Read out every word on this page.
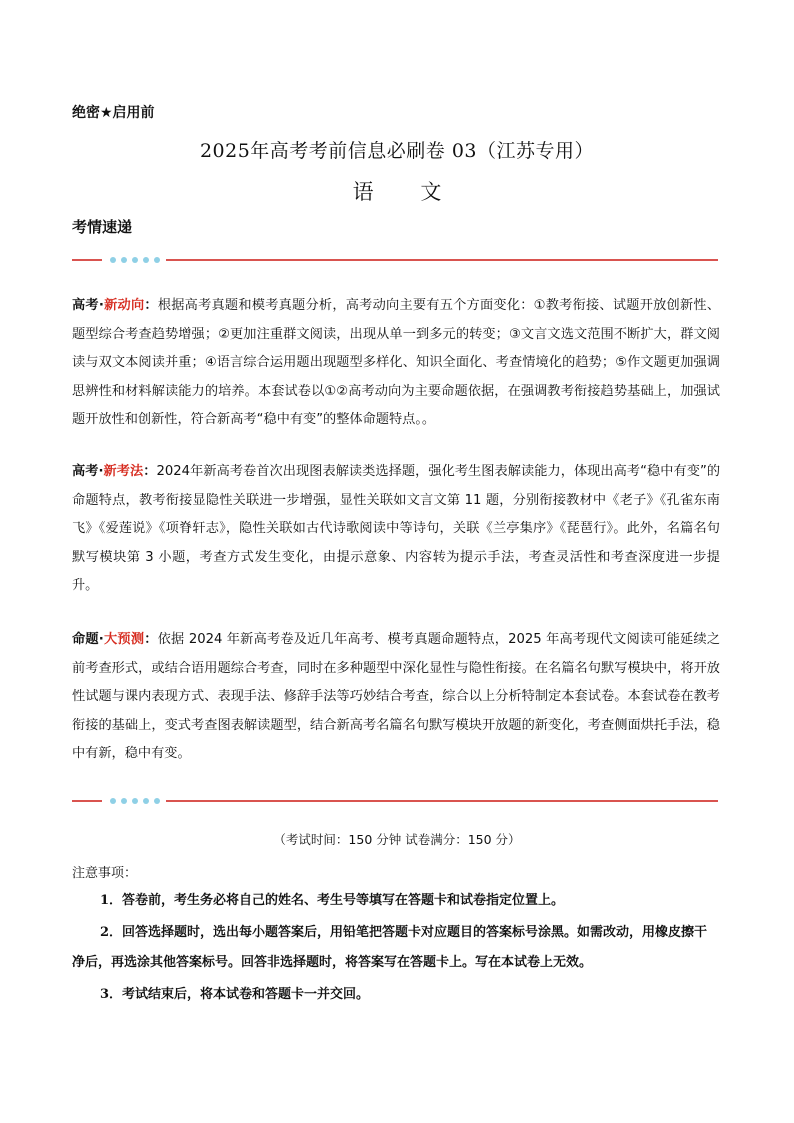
绝密★启用前
2025年高考考前信息必刷卷 03（江苏专用）
语 文
考情速递
高考·新动向：根据高考真题和模考真题分析，高考动向主要有五个方面变化：①教考衔接、试题开放创新性、题型综合考查趋势增强；②更加注重群文阅读，出现从单一到多元的转变；③文言文选文范围不断扩大，群文阅读与双文本阅读并重；④语言综合运用题出现题型多样化、知识全面化、考查情境化的趋势；⑤作文题更加强调思辨性和材料解读能力的培养。本套试卷以①②高考动向为主要命题依据，在强调教考衔接趋势基础上，加强试题开放性和创新性，符合新高考“稳中有变”的整体命题特点。。
高考·新考法：2024年新高考卷首次出现图表解读类选择题，强化考生图表解读能力，体现出高考“稳中有变”的命题特点，教考衔接显隐性关联进一步增强，显性关联如文言文第 11 题，分别衔接教材中《老子》《孔雀东南飞》《爱莲说》《项脊轩志》，隐性关联如古代诗歌阅读中等诗句，关联《兰亭集序》《琵琶行》。此外，名篇名句默写模块第 3 小题，考查方式发生变化，由提示意象、内容转为提示手法，考查灵活性和考查深度进一步提升。
命题·大预测：依据 2024 年新高考卷及近几年高考、模考真题命题特点，2025 年高考现代文阅读可能延续之前考查形式，或结合语用题综合考查，同时在多种题型中深化显性与隐性衔接。在名篇名句默写模块中，将开放性试题与课内表现方式、表现手法、修辞手法等巧妙结合考查，综合以上分析特制定本套试卷。本套试卷在教考衔接的基础上，变式考查图表解读题型，结合新高考名篇名句默写模块开放题的新变化，考查侧面烘托手法，稳中有新，稳中有变。
（考试时间：150 分钟 试卷满分：150 分）
注意事项：
1．答卷前，考生务必将自己的姓名、考生号等填写在答题卡和试卷指定位置上。
2．回答选择题时，选出每小题答案后，用铅笔把答题卡对应题目的答案标号涂黑。如需改动，用橡皮擦干净后，再选涂其他答案标号。回答非选择题时，将答案写在答题卡上。写在本试卷上无效。
3．考试结束后，将本试卷和答题卡一并交回。
